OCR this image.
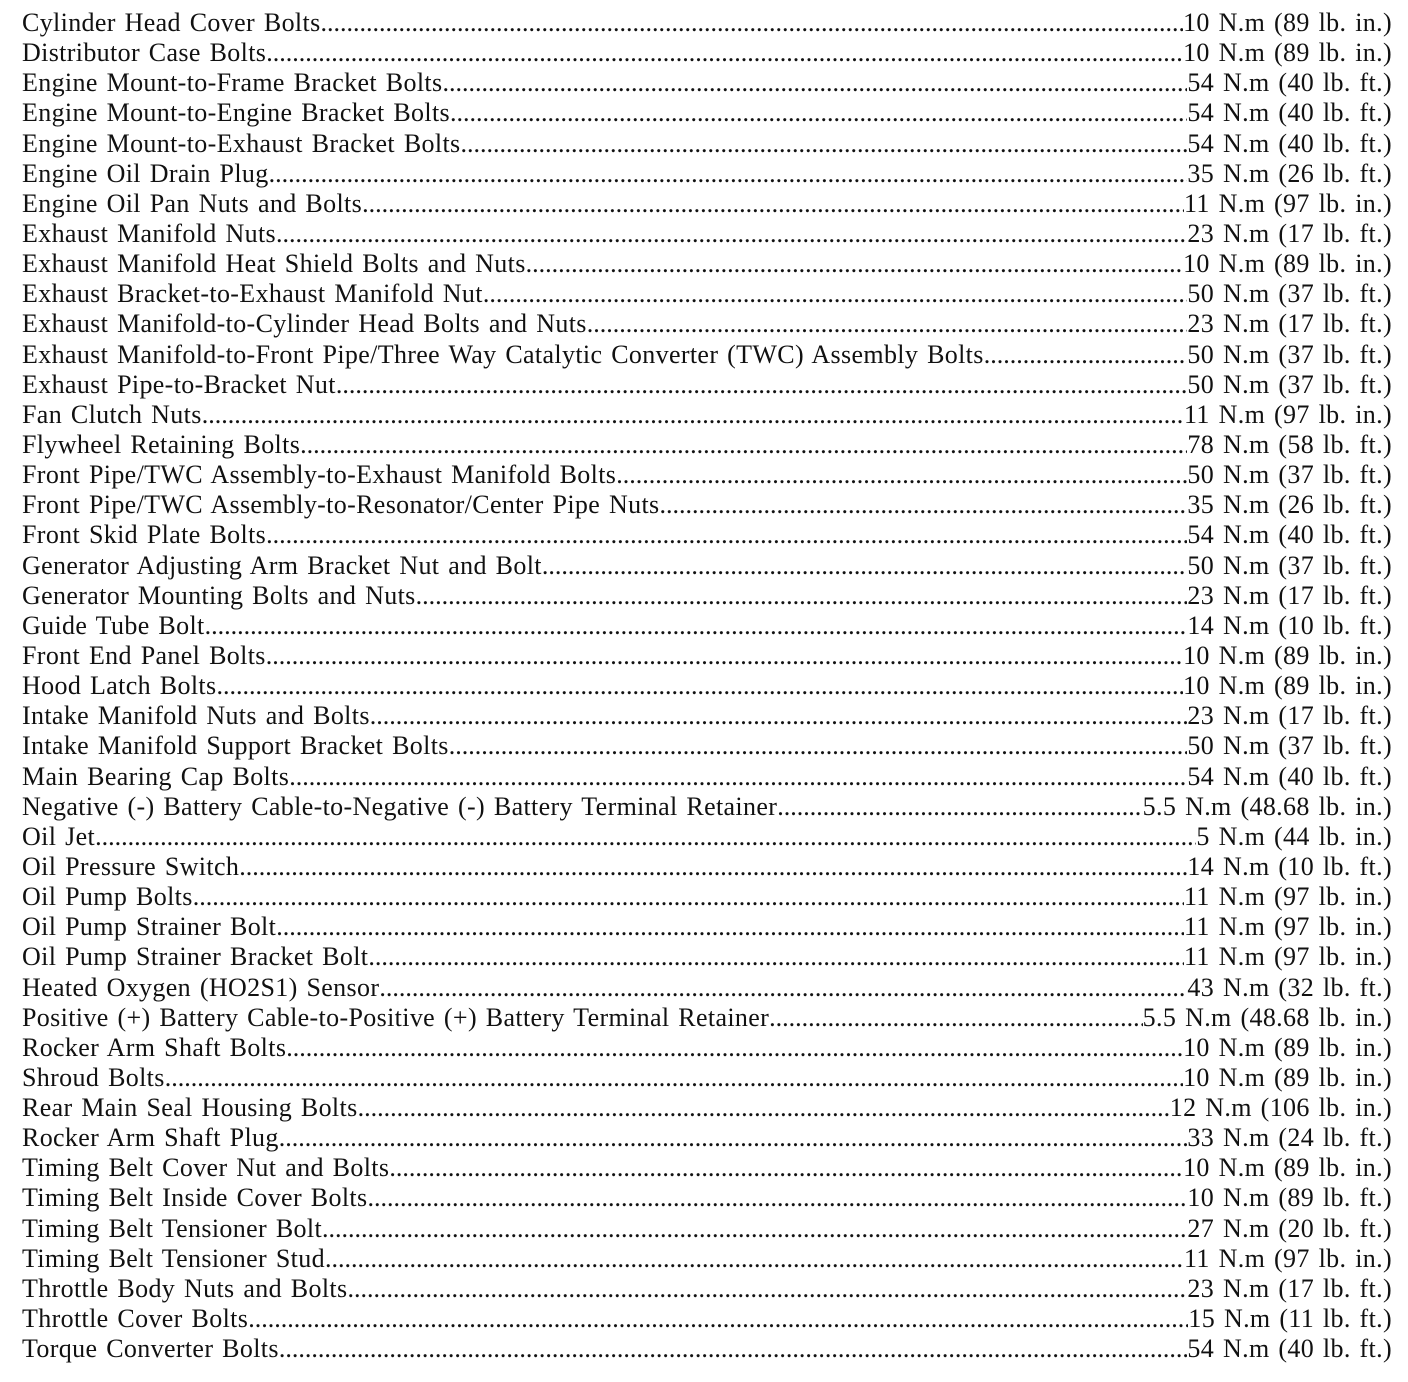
Cylinder Head Cover Bolts .....	10 N.m (89 lb. in.)
Distributor Case Bolts .....	10 N.m (89 lb. in.)
Engine Mount-to-Frame Bracket Bolts .....	54 N.m (40 lb. ft.)
Engine Mount-to-Engine Bracket Bolts .....	54 N.m (40 lb. ft.)
Engine Mount-to-Exhaust Bracket Bolts .....	54 N.m (40 lb. ft.)
Engine Oil Drain Plug .....	35 N.m (26 lb. ft.)
Engine Oil Pan Nuts and Bolts .....	11 N.m (97 lb. in.)
Exhaust Manifold Nuts .....	23 N.m (17 lb. ft.)
Exhaust Manifold Heat Shield Bolts and Nuts .....	10 N.m (89 lb. in.)
Exhaust Bracket-to-Exhaust Manifold Nut .....	50 N.m (37 lb. ft.)
Exhaust Manifold-to-Cylinder Head Bolts and Nuts .....	23 N.m (17 lb. ft.)
Exhaust Manifold-to-Front Pipe/Three Way Catalytic Converter (TWC) Assembly Bolts .....	50 N.m (37 lb. ft.)
Exhaust Pipe-to-Bracket Nut .....	50 N.m (37 lb. ft.)
Fan Clutch Nuts .....	11 N.m (97 lb. in.)
Flywheel Retaining Bolts .....	78 N.m (58 lb. ft.)
Front Pipe/TWC Assembly-to-Exhaust Manifold Bolts .....	50 N.m (37 lb. ft.)
Front Pipe/TWC Assembly-to-Resonator/Center Pipe Nuts .....	35 N.m (26 lb. ft.)
Front Skid Plate Bolts .....	54 N.m (40 lb. ft.)
Generator Adjusting Arm Bracket Nut and Bolt .....	50 N.m (37 lb. ft.)
Generator Mounting Bolts and Nuts .....	23 N.m (17 lb. ft.)
Guide Tube Bolt .....	14 N.m (10 lb. ft.)
Front End Panel Bolts .....	10 N.m (89 lb. in.)
Hood Latch Bolts .....	10 N.m (89 lb. in.)
Intake Manifold Nuts and Bolts .....	23 N.m (17 lb. ft.)
Intake Manifold Support Bracket Bolts .....	50 N.m (37 lb. ft.)
Main Bearing Cap Bolts .....	54 N.m (40 lb. ft.)
Negative (-) Battery Cable-to-Negative (-) Battery Terminal Retainer .....	5.5 N.m (48.68 lb. in.)
Oil Jet .....	5 N.m (44 lb. in.)
Oil Pressure Switch .....	14 N.m (10 lb. ft.)
Oil Pump Bolts .....	11 N.m (97 lb. in.)
Oil Pump Strainer Bolt .....	11 N.m (97 lb. in.)
Oil Pump Strainer Bracket Bolt .....	11 N.m (97 lb. in.)
Heated Oxygen (HO2S1) Sensor .....	43 N.m (32 lb. ft.)
Positive (+) Battery Cable-to-Positive (+) Battery Terminal Retainer .....	5.5 N.m (48.68 lb. in.)
Rocker Arm Shaft Bolts .....	10 N.m (89 lb. in.)
Shroud Bolts .....	10 N.m (89 lb. in.)
Rear Main Seal Housing Bolts .....	12 N.m (106 lb. in.)
Rocker Arm Shaft Plug .....	33 N.m (24 lb. ft.)
Timing Belt Cover Nut and Bolts .....	10 N.m (89 lb. in.)
Timing Belt Inside Cover Bolts .....	10 N.m (89 lb. ft.)
Timing Belt Tensioner Bolt .....	27 N.m (20 lb. ft.)
Timing Belt Tensioner Stud .....	11 N.m (97 lb. in.)
Throttle Body Nuts and Bolts .....	23 N.m (17 lb. ft.)
Throttle Cover Bolts .....	15 N.m (11 lb. ft.)
Torque Converter Bolts .....	54 N.m (40 lb. ft.)
